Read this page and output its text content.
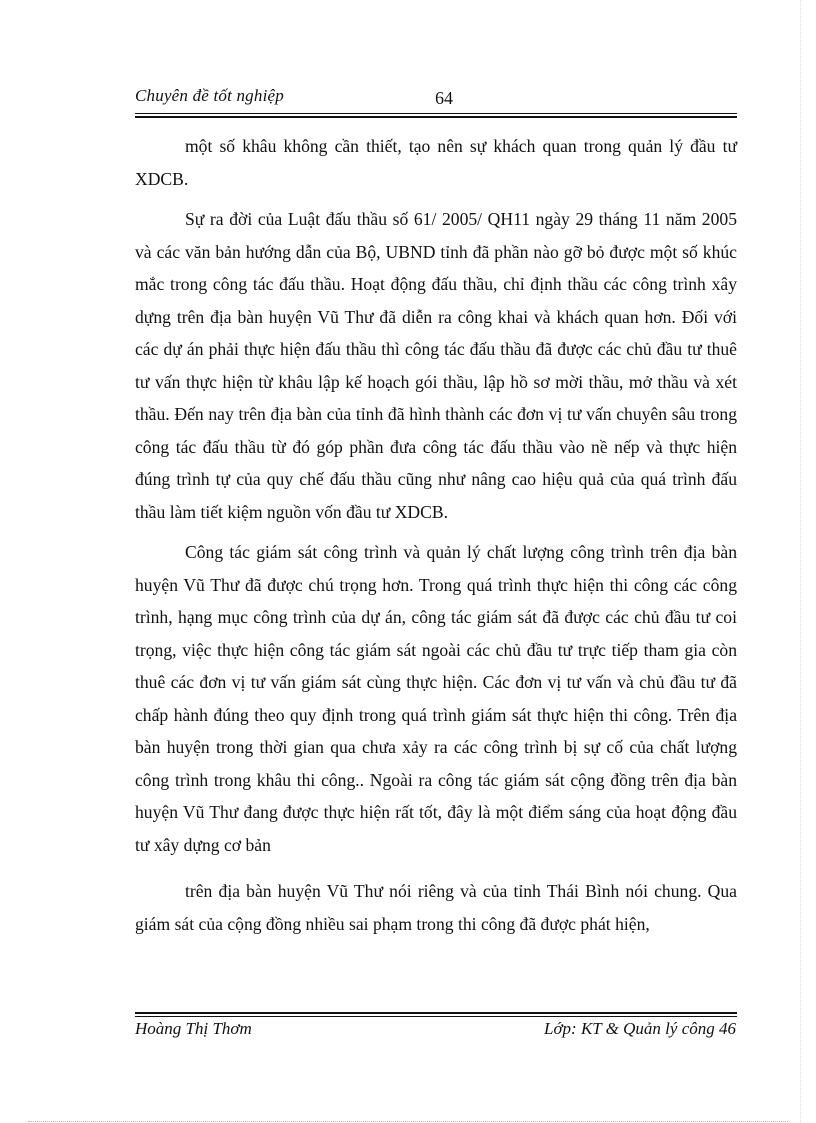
Chuyên đề tốt nghiệp	64

một số khâu không cần thiết, tạo nên sự khách quan trong quản lý đầu tư XDCB.

Sự ra đời của Luật đấu thầu số 61/ 2005/ QH11 ngày 29 tháng 11 năm 2005 và các văn bản hướng dẫn của Bộ, UBND tỉnh đã phần nào gỡ bỏ được một số khúc mắc trong công tác đấu thầu. Hoạt động đấu thầu, chỉ định thầu các công trình xây dựng trên địa bàn huyện Vũ Thư đã diễn ra công khai và khách quan hơn. Đối với các dự án phải thực hiện đấu thầu thì công tác đấu thầu đã được các chủ đầu tư thuê tư vấn thực hiện từ khâu lập kế hoạch gói thầu, lập hồ sơ mời thầu, mở thầu và xét thầu. Đến nay trên địa bàn của tỉnh đã hình thành các đơn vị tư vấn chuyên sâu trong công tác đấu thầu từ đó góp phần đưa công tác đấu thầu vào nề nếp và thực hiện đúng trình tự của quy chế đấu thầu cũng như nâng cao hiệu quả của quá trình đấu thầu làm tiết kiệm nguồn vốn đầu tư XDCB.

Công tác giám sát công trình và quản lý chất lượng công trình trên địa bàn huyện Vũ Thư đã được chú trọng hơn. Trong quá trình thực hiện thi công các công trình, hạng mục công trình của dự án, công tác giám sát đã được các chủ đầu tư coi trọng, việc thực hiện công tác giám sát ngoài các chủ đầu tư trực tiếp tham gia còn thuê các đơn vị tư vấn giám sát cùng thực hiện. Các đơn vị tư vấn và chủ đầu tư đã chấp hành đúng theo quy định trong quá trình giám sát thực hiện thi công. Trên địa bàn huyện trong thời gian qua chưa xảy ra các công trình bị sự cố của chất lượng công trình trong khâu thi công.. Ngoài ra công tác giám sát cộng đồng trên địa bàn huyện Vũ Thư đang được thực hiện rất tốt, đây là một điểm sáng của hoạt động đầu tư xây dựng cơ bản

trên địa bàn huyện Vũ Thư nói riêng và của tỉnh Thái Bình nói chung. Qua giám sát của cộng đồng nhiều sai phạm trong thi công đã được phát hiện,

Hoàng Thị Thơm	Lớp: KT & Quản lý công 46
